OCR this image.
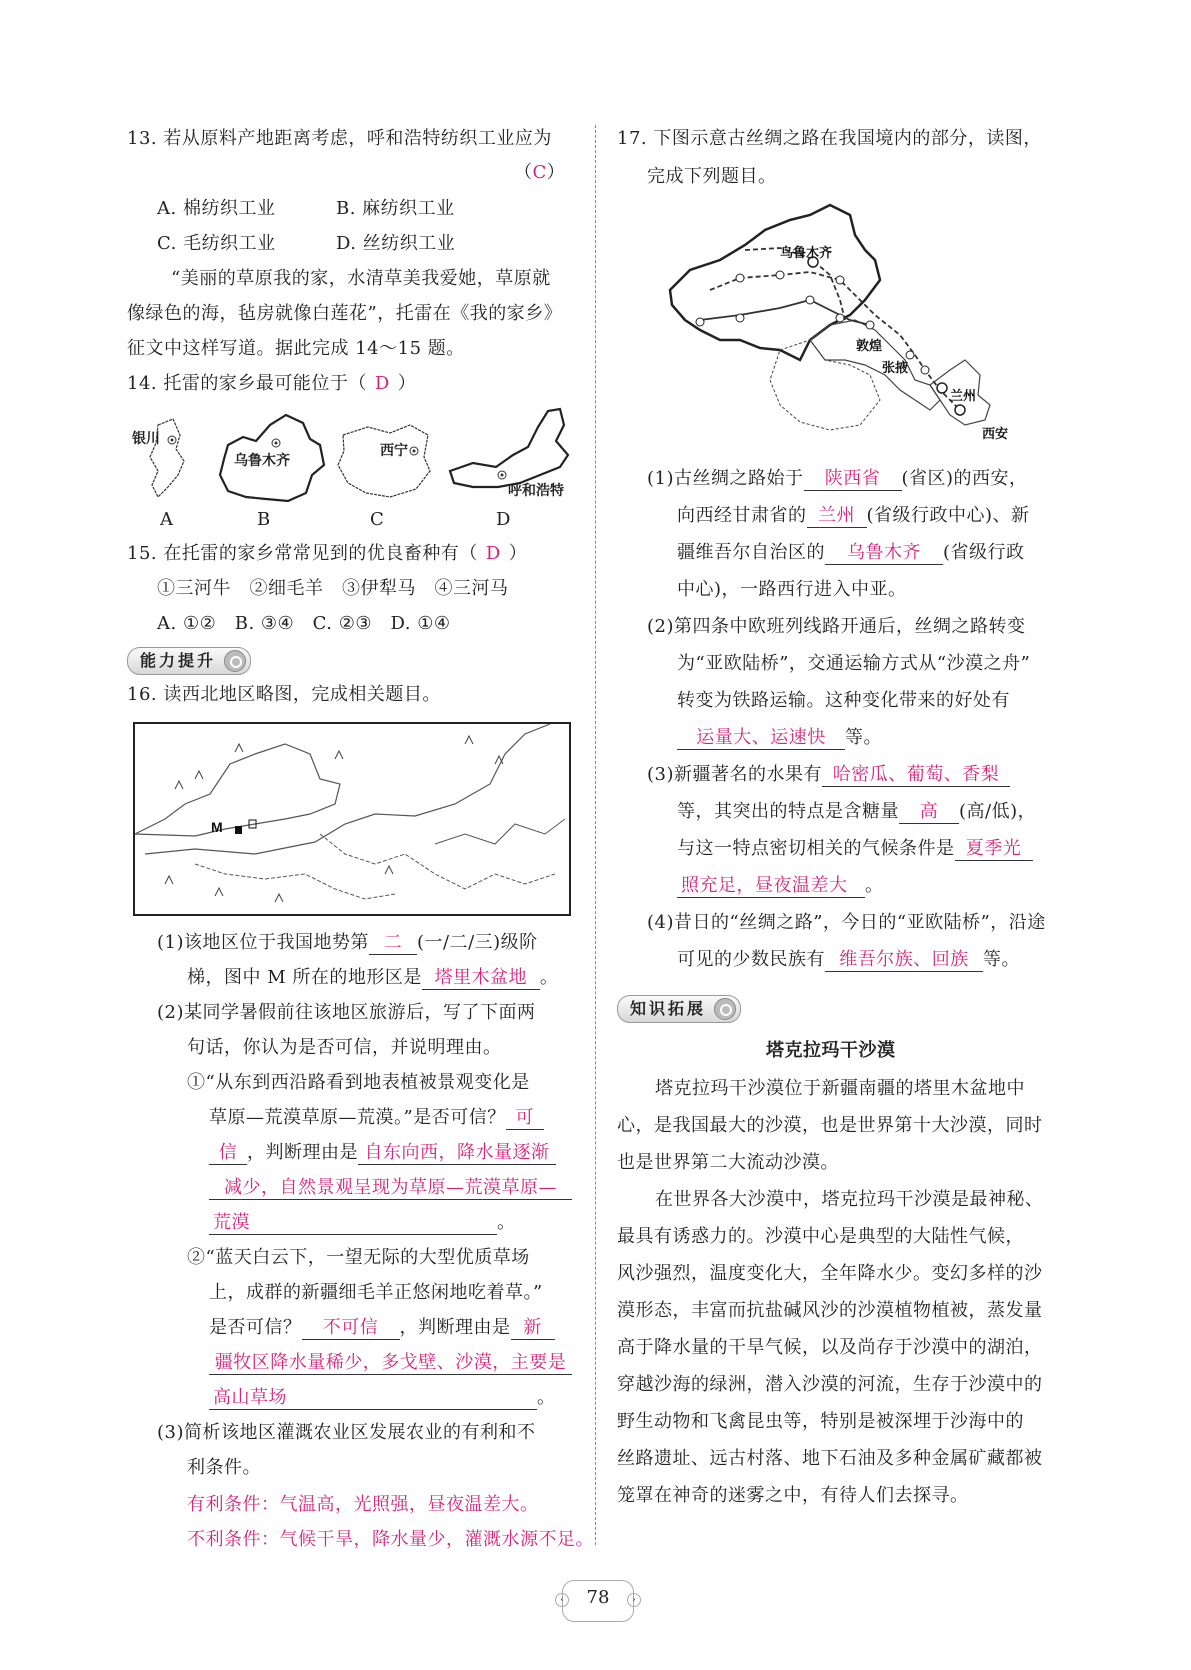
13. 若从原料产地距离考虑，呼和浩特纺织工业应为
（C）
A. 棉纺织工业	B. 麻纺织工业
C. 毛纺织工业	D. 丝纺织工业
“美丽的草原我的家，水清草美我爱她，草原就
像绿色的海，毡房就像白莲花”，托雷在《我的家乡》
征文中这样写道。据此完成 14～15 题。
14. 托雷的家乡最可能位于（ D ）
银川
乌鲁木齐
西宁
呼和浩特
A	B	C	D
15. 在托雷的家乡常常见到的优良畜种有（ D ）
①三河牛　②细毛羊　③伊犁马　④三河马
A. ①②　B. ③④　C. ②③　D. ①④
能力提升
16. 读西北地区略图，完成相关题目。
M
(1)该地区位于我国地势第 二 (一/二/三)级阶
梯，图中 M 所在的地形区是 塔里木盆地 。
(2)某同学暑假前往该地区旅游后，写了下面两
句话，你认为是否可信，并说明理由。
①“从东到西沿路看到地表植被景观变化是
草原—荒漠草原—荒漠。”是否可信？ 可
信 ，判断理由是 自东向西，降水量逐渐
减少，自然景观呈现为草原—荒漠草原—
荒漠	。
②“蓝天白云下，一望无际的大型优质草场
上，成群的新疆细毛羊正悠闲地吃着草。”
是否可信？ 不可信 ，判断理由是 新
疆牧区降水量稀少，多戈壁、沙漠，主要是
高山草场	。
(3)简析该地区灌溉农业区发展农业的有利和不
利条件。
有利条件：气温高，光照强，昼夜温差大。
不利条件：气候干旱，降水量少，灌溉水源不足。
17. 下图示意古丝绸之路在我国境内的部分，读图，
完成下列题目。
乌鲁木齐
敦煌
张掖
兰州
西安
(1)古丝绸之路始于 陕西省 (省区)的西安，
向西经甘肃省的 兰州 (省级行政中心)、新
疆维吾尔自治区的 乌鲁木齐 (省级行政
中心)，一路西行进入中亚。
(2)第四条中欧班列线路开通后，丝绸之路转变
为“亚欧陆桥”，交通运输方式从“沙漠之舟”
转变为铁路运输。这种变化带来的好处有
运量大、运速快 等。
(3)新疆著名的水果有 哈密瓜、葡萄、香梨
等，其突出的特点是含糖量 高 (高/低)，
与这一特点密切相关的气候条件是 夏季光
照充足，昼夜温差大 。
(4)昔日的“丝绸之路”，今日的“亚欧陆桥”，沿途
可见的少数民族有 维吾尔族、回族 等。
知识拓展
塔克拉玛干沙漠
塔克拉玛干沙漠位于新疆南疆的塔里木盆地中
心，是我国最大的沙漠，也是世界第十大沙漠，同时
也是世界第二大流动沙漠。
在世界各大沙漠中，塔克拉玛干沙漠是最神秘、
最具有诱惑力的。沙漠中心是典型的大陆性气候，
风沙强烈，温度变化大，全年降水少。变幻多样的沙
漠形态，丰富而抗盐碱风沙的沙漠植物植被，蒸发量
高于降水量的干旱气候，以及尚存于沙漠中的湖泊，
穿越沙海的绿洲，潜入沙漠的河流，生存于沙漠中的
野生动物和飞禽昆虫等，特别是被深埋于沙海中的
丝路遗址、远古村落、地下石油及多种金属矿藏都被
笼罩在神奇的迷雾之中，有待人们去探寻。
‹	78	›
